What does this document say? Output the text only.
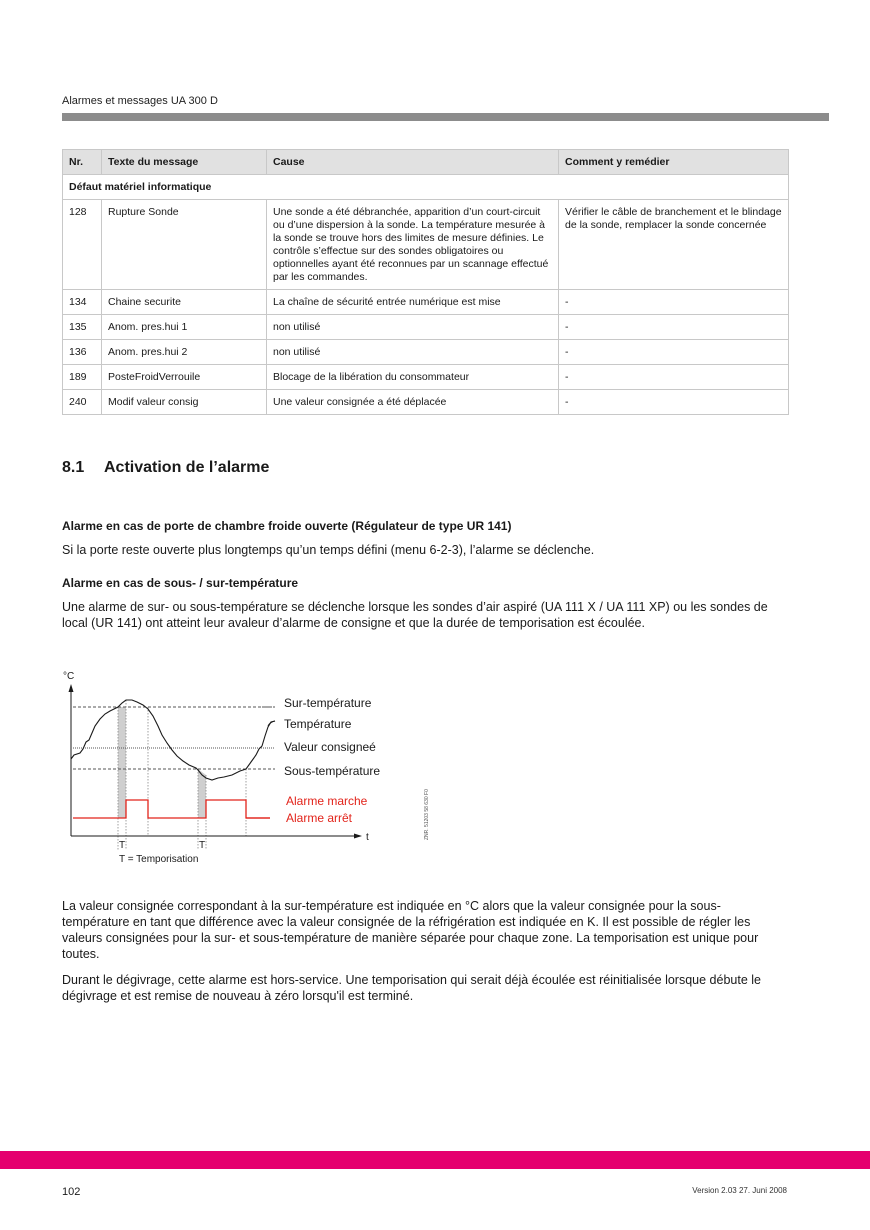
Alarmes et messages UA 300 D
Nr.	Texte du message	Cause	Comment y remédier
Défaut matériel informatique			
128	Rupture Sonde	Une sonde a été débranchée, apparition d’un court-circuit ou d’une dispersion à la sonde. La température mesurée à la sonde se trouve hors des limites de mesure définies. Le contrôle s’effectue sur des sondes obligatoires ou optionnelles ayant été reconnues par un scannage effectué par les commandes.	Vérifier le câble de branchement et le blindage de la sonde, remplacer la sonde concernée
134	Chaine securite	La chaîne de sécurité entrée numérique est mise	-
135	Anom. pres.hui 1	non utilisé	-
136	Anom. pres.hui 2	non utilisé	-
189	PosteFroidVerrouile	Blocage de la libération du consommateur	-
240	Modif valeur consig	Une valeur consignée a été déplacée	-
8.1 Activation de l’alarme
Alarme en cas de porte de chambre froide ouverte (Régulateur de type UR 141)
Si la porte reste ouverte plus longtemps qu’un temps défini (menu 6-2-3), l’alarme se déclenche.
Alarme en cas de sous- / sur-température
Une alarme de sur- ou sous-température se déclenche lorsque les sondes d’air aspiré (UA 111 X / UA 111 XP) ou les sondes de local (UR 141) ont atteint leur avaleur d’alarme de consigne et que la durée de temporisation est écoulée.
°C
t
Sur-température
Température
Valeur consigneé
Sous-température
Alarme marche
Alarme arrêt
T	T
T = Temporisation
ZNR. 51203 58 630 F0
La valeur consignée correspondant à la sur-température est indiquée en °C alors que la valeur consignée pour la sous-température en tant que différence avec la valeur consignée de la réfrigération est indiquée en K. Il est possible de régler les valeurs consignées pour la sur- et sous-température de manière séparée pour chaque zone. La temporisation est unique pour toutes.
Durant le dégivrage, cette alarme est hors-service. Une temporisation qui serait déjà écoulée est réinitialisée lorsque débute le dégivrage et est remise de nouveau à zéro lorsqu'il est terminé.
102	Version 2.03 27. Juni 2008
